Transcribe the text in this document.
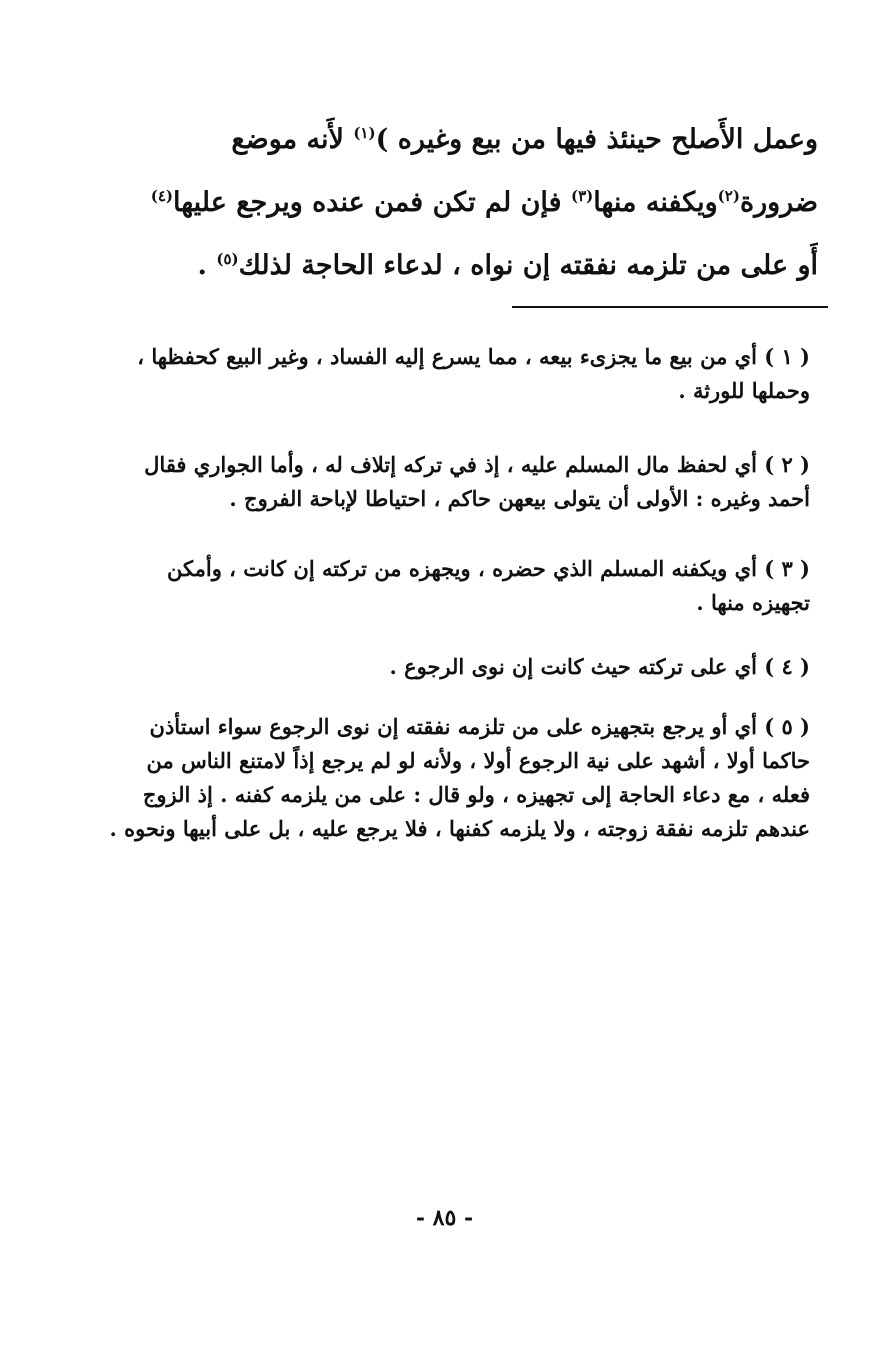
وعمل الأَصلح حينئذ فيها من بيع وغيره )$^{(١)}$ لأَنه موضع
ضرورة$^{(٢)}$ويكفنه منها$^{(٣)}$ فإن لم تكن فمن عنده ويرجع عليها$^{(٤)}$
أَو على من تلزمه نفقته إن نواه ، لدعاء الحاجة لذلك$^{(٥)}$ .
( ١ ) أي من بيع ما يجزىء بيعه ، مما يسرع إليه الفساد ، وغير البيع كحفظها ،
وحملها للورثة .
( ٢ ) أي لحفظ مال المسلم عليه ، إذ في تركه إتلاف له ، وأما الجواري فقال
أحمد وغيره : الأولى أن يتولى بيعهن حاكم ، احتياطا لإباحة الفروج .
( ٣ ) أي ويكفنه المسلم الذي حضره ، ويجهزه من تركته إن كانت ، وأمكن
تجهيزه منها .
( ٤ ) أي على تركته حيث كانت إن نوى الرجوع .
( ٥ ) أي أو يرجع بتجهيزه على من تلزمه نفقته إن نوى الرجوع سواء استأذن
حاكما أولا ، أشهد على نية الرجوع أولا ، ولأنه لو لم يرجع إذاً لامتنع الناس من
فعله ، مع دعاء الحاجة إلى تجهيزه ، ولو قال : على من يلزمه كفنه . إذ الزوج
عندهم تلزمه نفقة زوجته ، ولا يلزمه كفنها ، فلا يرجع عليه ، بل على أبيها ونحوه .
- ٨٥ -
